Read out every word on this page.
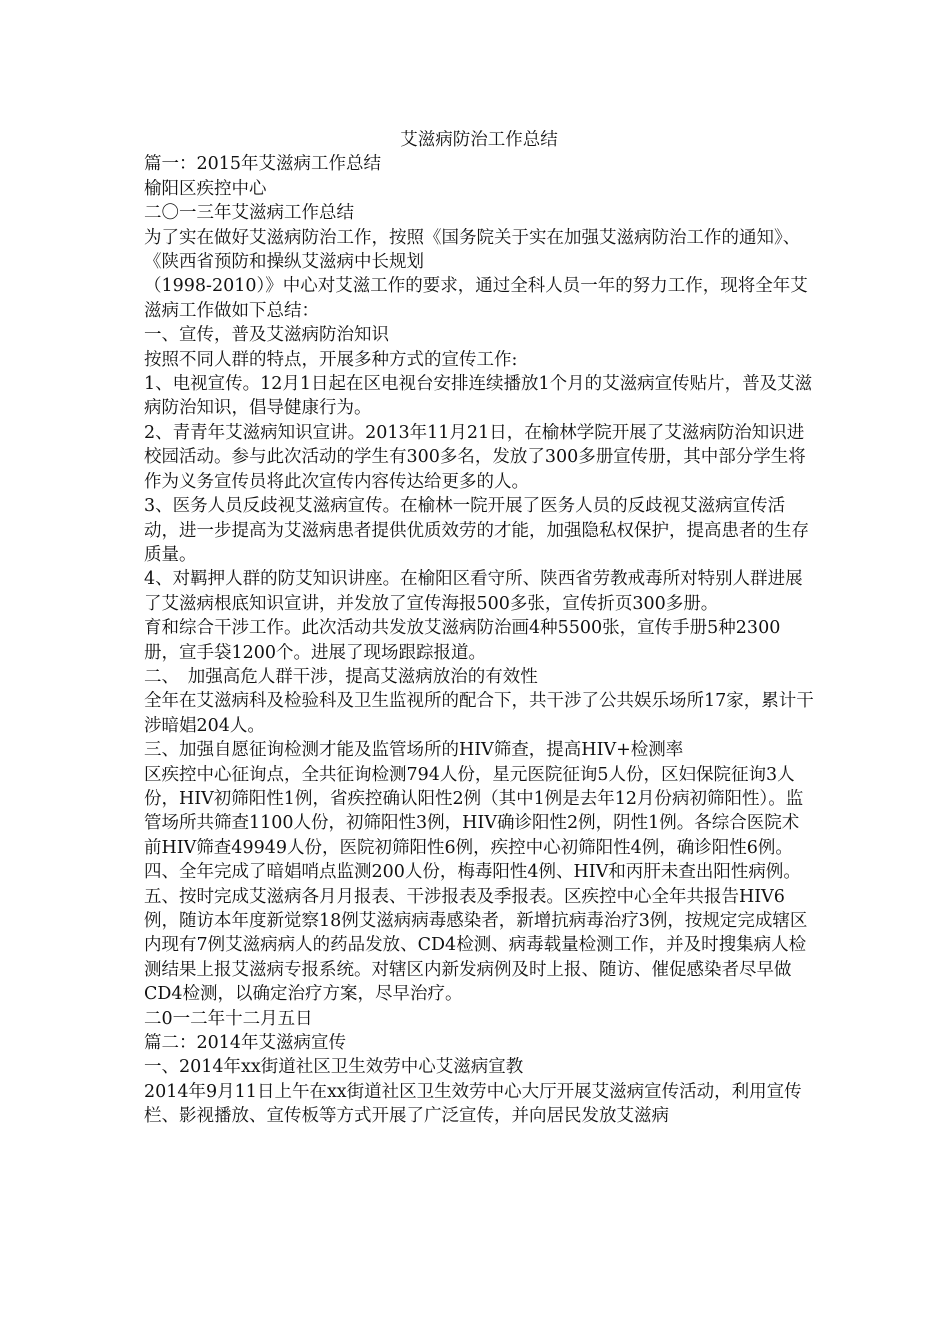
艾滋病防治工作总结

篇一：2015年艾滋病工作总结

榆阳区疾控中心

二〇一三年艾滋病工作总结

为了实在做好艾滋病防治工作，按照《国务院关于实在加强艾滋病防治工作的通知》、《陕西省预防和操纵艾滋病中长规划

（1998-2010）》中心对艾滋工作的要求，通过全科人员一年的努力工作，现将全年艾滋病工作做如下总结：

一、宣传，普及艾滋病防治知识

按照不同人群的特点，开展多种方式的宣传工作:

1、电视宣传。12月1日起在区电视台安排连续播放1个月的艾滋病宣传贴片，普及艾滋病防治知识，倡导健康行为。

2、青青年艾滋病知识宣讲。2013年11月21日，在榆林学院开展了艾滋病防治知识进校园活动。参与此次活动的学生有300多名，发放了300多册宣传册，其中部分学生将作为义务宣传员将此次宣传内容传达给更多的人。

3、医务人员反歧视艾滋病宣传。在榆林一院开展了医务人员的反歧视艾滋病宣传活动，进一步提高为艾滋病患者提供优质效劳的才能，加强隐私权保护，提高患者的生存质量。

4、对羁押人群的防艾知识讲座。在榆阳区看守所、陕西省劳教戒毒所对特别人群进展了艾滋病根底知识宣讲，并发放了宣传海报500多张，宣传折页300多册。

育和综合干涉工作。此次活动共发放艾滋病防治画4种5500张，宣传手册5种2300册，宣手袋1200个。进展了现场跟踪报道。

二、　加强高危人群干涉，提高艾滋病放治的有效性

全年在艾滋病科及检验科及卫生监视所的配合下，共干涉了公共娱乐场所17家，累计干涉暗娼204人。

三、加强自愿征询检测才能及监管场所的HIV筛查，提高HIV+检测率

区疾控中心征询点，全共征询检测794人份，星元医院征询5人份，区妇保院征询3人份，HIV初筛阳性1例，省疾控确认阳性2例（其中1例是去年12月份病初筛阳性）。监管场所共筛查1100人份，初筛阳性3例，HIV确诊阳性2例，阴性1例。各综合医院术前HIV筛查49949人份，医院初筛阳性6例，疾控中心初筛阳性4例，确诊阳性6例。

四、全年完成了暗娼哨点监测200人份，梅毒阳性4例、HIV和丙肝未查出阳性病例。

五、按时完成艾滋病各月月报表、干涉报表及季报表。区疾控中心全年共报告HIV6例，随访本年度新觉察18例艾滋病病毒感染者，新增抗病毒治疗3例，按规定完成辖区内现有7例艾滋病病人的药品发放、CD4检测、病毒载量检测工作，并及时搜集病人检测结果上报艾滋病专报系统。对辖区内新发病例及时上报、随访、催促感染者尽早做CD4检测，以确定治疗方案，尽早治疗。

二0一二年十二月五日

篇二：2014年艾滋病宣传

一、2014年xx街道社区卫生效劳中心艾滋病宣教

2014年9月11日上午在xx街道社区卫生效劳中心大厅开展艾滋病宣传活动，利用宣传栏、影视播放、宣传板等方式开展了广泛宣传，并向居民发放艾滋病
